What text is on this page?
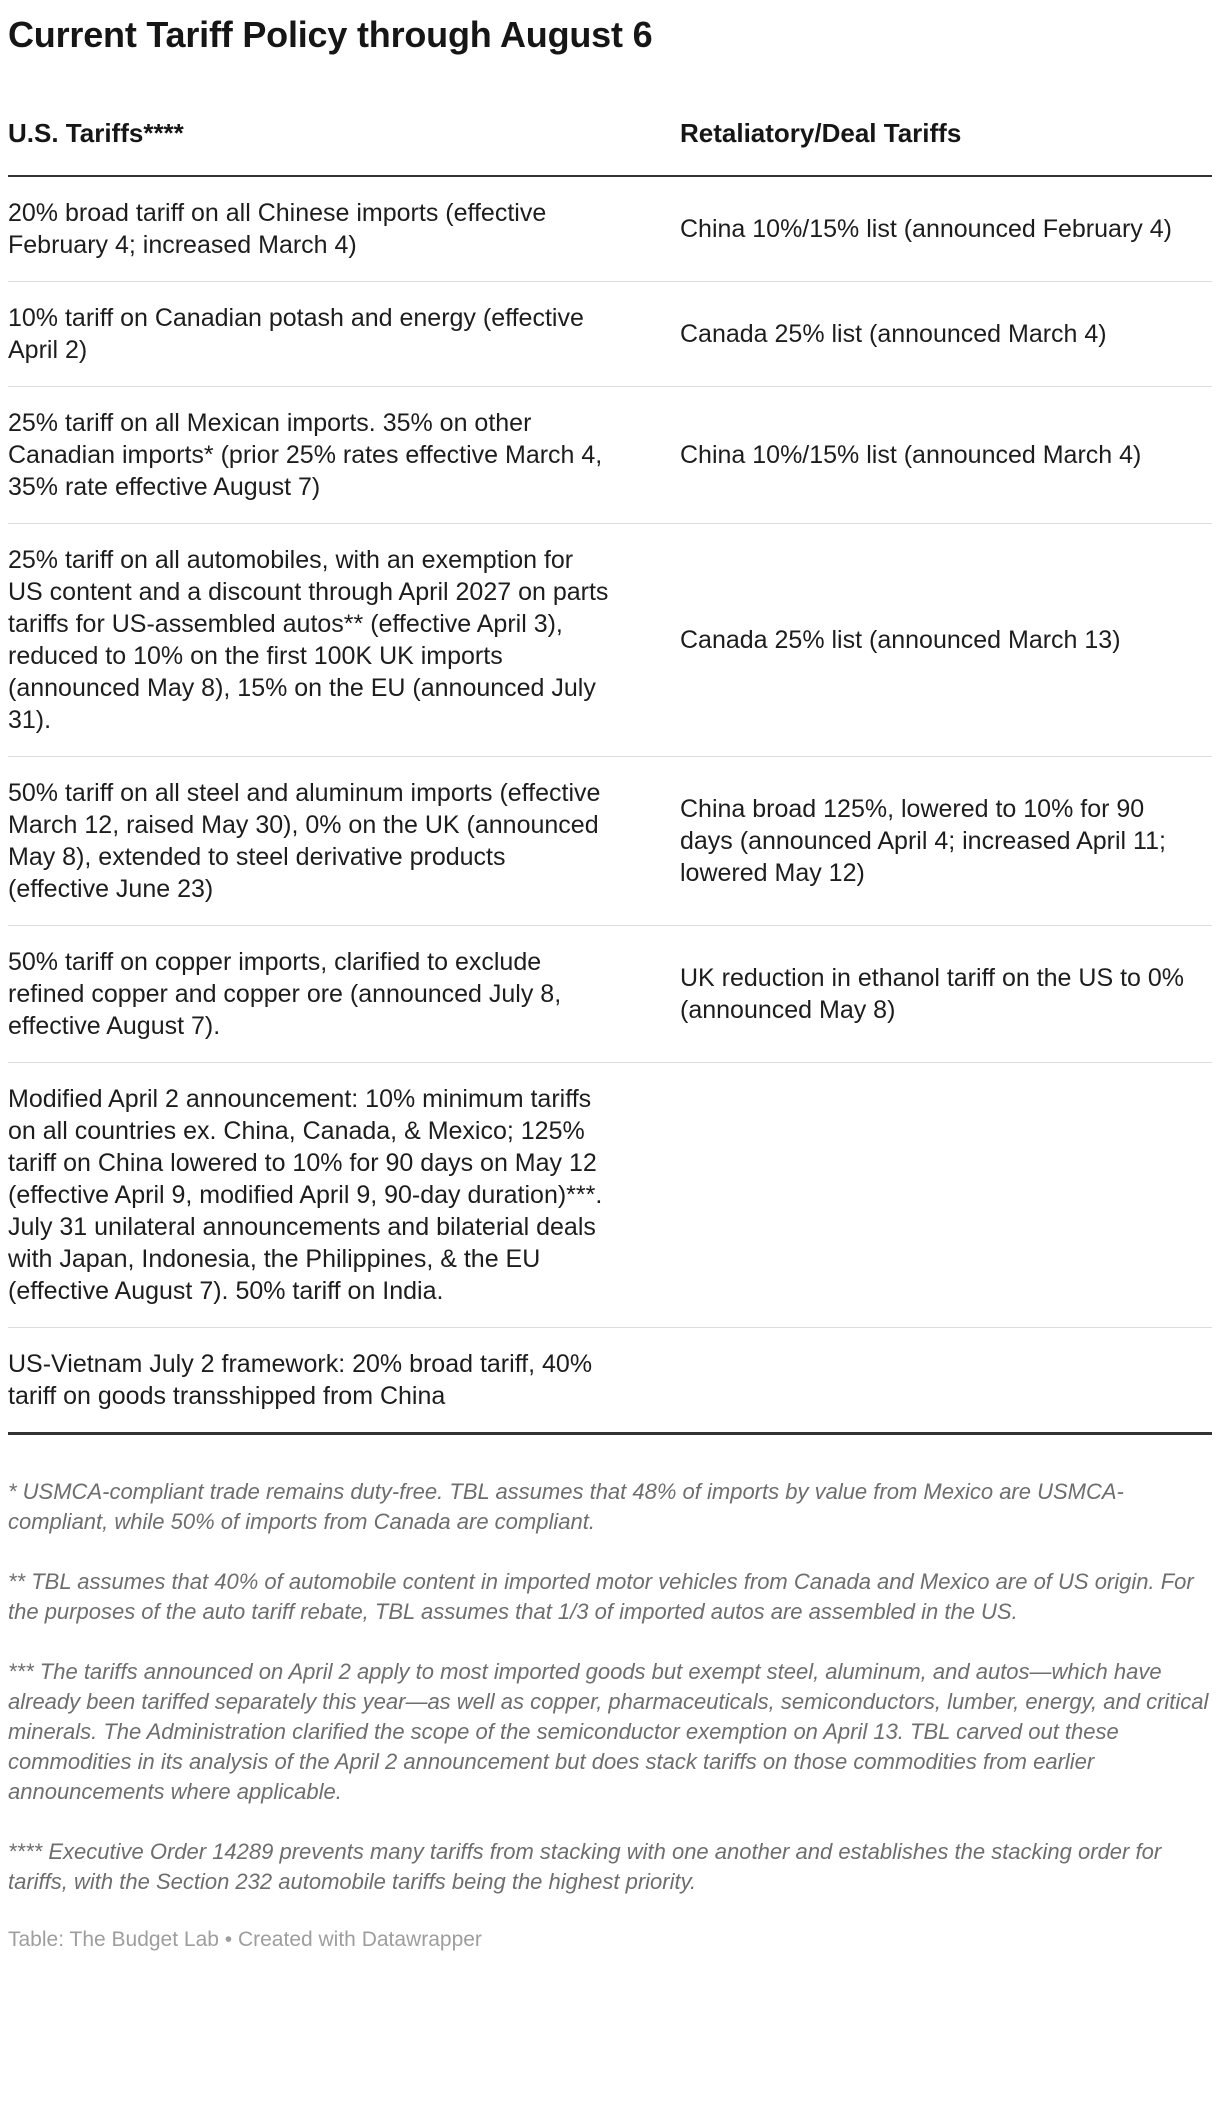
Current Tariff Policy through August 6
U.S. Tariffs****	Retaliatory/Deal Tariffs
20% broad tariff on all Chinese imports (effective February 4; increased March 4)	China 10%/15% list (announced February 4)
10% tariff on Canadian potash and energy (effective April 2)	Canada 25% list (announced March 4)
25% tariff on all Mexican imports. 35% on other Canadian imports* (prior 25% rates effective March 4, 35% rate effective August 7)	China 10%/15% list (announced March 4)
25% tariff on all automobiles, with an exemption for US content and a discount through April 2027 on parts tariffs for US-assembled autos** (effective April 3), reduced to 10% on the first 100K UK imports (announced May 8), 15% on the EU (announced July 31).	Canada 25% list (announced March 13)
50% tariff on all steel and aluminum imports (effective March 12, raised May 30), 0% on the UK (announced May 8), extended to steel derivative products (effective June 23)	China broad 125%, lowered to 10% for 90 days (announced April 4; increased April 11; lowered May 12)
50% tariff on copper imports, clarified to exclude refined copper and copper ore (announced July 8, effective August 7).	UK reduction in ethanol tariff on the US to 0% (announced May 8)
Modified April 2 announcement: 10% minimum tariffs on all countries ex. China, Canada, & Mexico; 125% tariff on China lowered to 10% for 90 days on May 12 (effective April 9, modified April 9, 90-day duration)***. July 31 unilateral announcements and bilaterial deals with Japan, Indonesia, the Philippines, & the EU (effective August 7). 50% tariff on India.	
US-Vietnam July 2 framework: 20% broad tariff, 40% tariff on goods transshipped from China	

* USMCA-compliant trade remains duty-free. TBL assumes that 48% of imports by value from Mexico are USMCA-compliant, while 50% of imports from Canada are compliant.

** TBL assumes that 40% of automobile content in imported motor vehicles from Canada and Mexico are of US origin. For the purposes of the auto tariff rebate, TBL assumes that 1/3 of imported autos are assembled in the US.

*** The tariffs announced on April 2 apply to most imported goods but exempt steel, aluminum, and autos—which have already been tariffed separately this year—as well as copper, pharmaceuticals, semiconductors, lumber, energy, and critical minerals. The Administration clarified the scope of the semiconductor exemption on April 13. TBL carved out these commodities in its analysis of the April 2 announcement but does stack tariffs on those commodities from earlier announcements where applicable.

**** Executive Order 14289 prevents many tariffs from stacking with one another and establishes the stacking order for tariffs, with the Section 232 automobile tariffs being the highest priority.

Table: The Budget Lab • Created with Datawrapper
